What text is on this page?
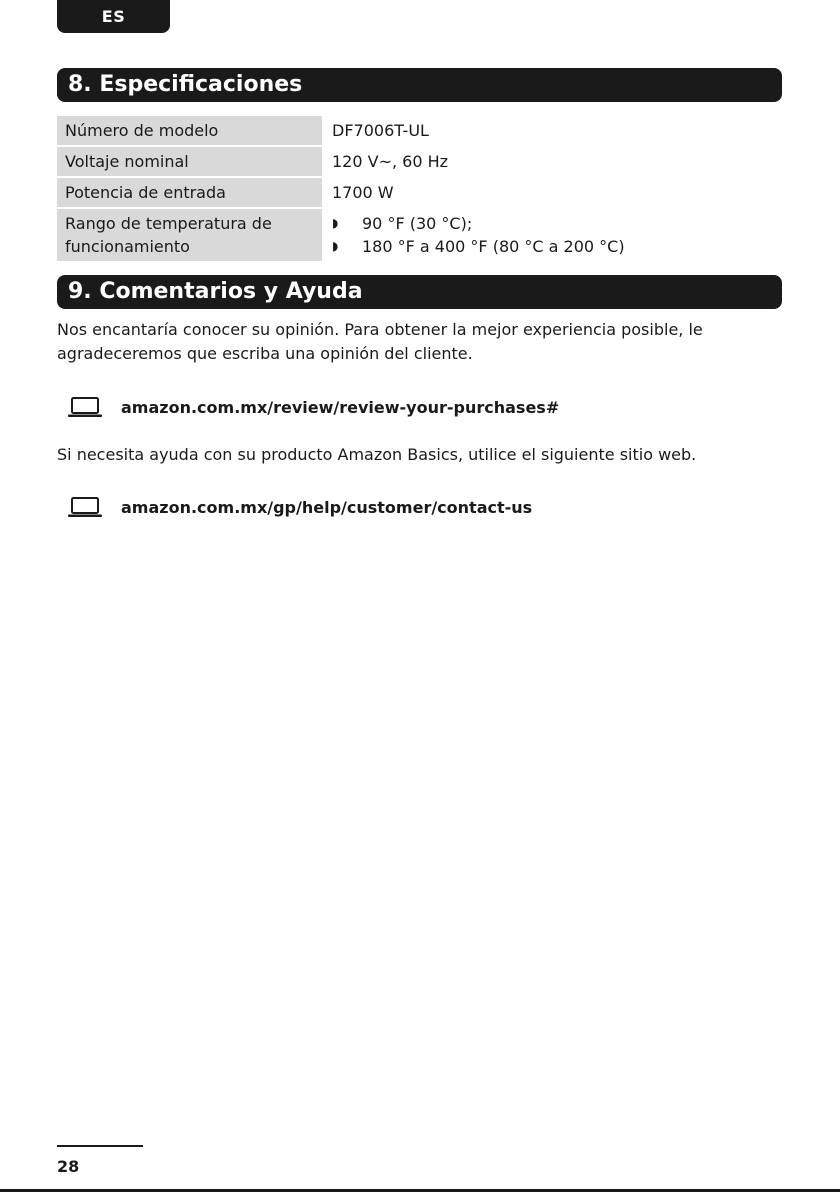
ES
8. Especificaciones
Número de modelo	DF7006T-UL
Voltaje nominal	120 V~, 60 Hz
Potencia de entrada	1700 W
Rango de temperatura de funcionamiento	◗ 90 °F (30 °C);
◗ 180 °F a 400 °F (80 °C a 200 °C)
9. Comentarios y Ayuda

Nos encantaría conocer su opinión. Para obtener la mejor experiencia posible, le agradeceremos que escriba una opinión del cliente.

amazon.com.mx/review/review-your-purchases#

Si necesita ayuda con su producto Amazon Basics, utilice el siguiente sitio web.

amazon.com.mx/gp/help/customer/contact-us
28
